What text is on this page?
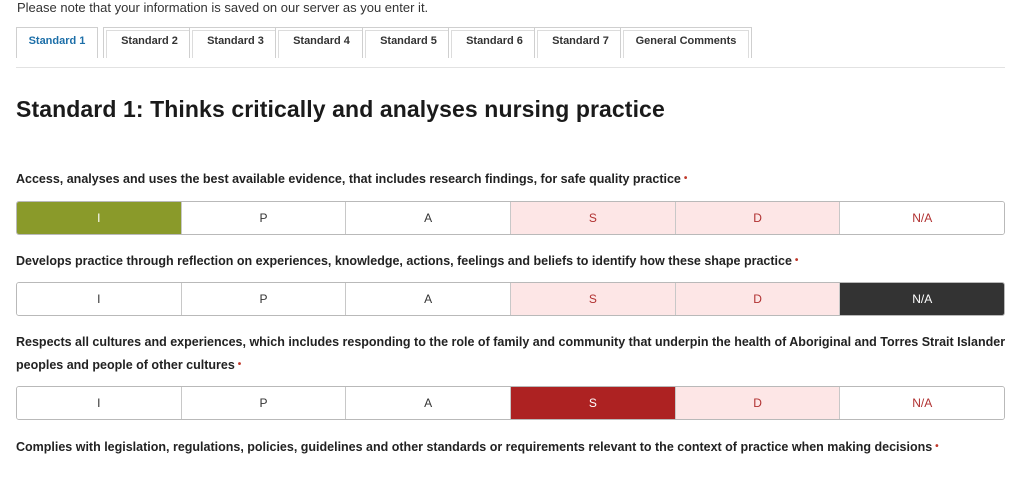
Please note that your information is saved on our server as you enter it.
Standard 1	Standard 2	Standard 3	Standard 4	Standard 5	Standard 6	Standard 7	General Comments
Standard 1: Thinks critically and analyses nursing practice
Access, analyses and uses the best available evidence, that includes research findings, for safe quality practice •
I	P	A	S	D	N/A
Develops practice through reflection on experiences, knowledge, actions, feelings and beliefs to identify how these shape practice •
I	P	A	S	D	N/A
Respects all cultures and experiences, which includes responding to the role of family and community that underpin the health of Aboriginal and Torres Strait Islander peoples and people of other cultures •
I	P	A	S	D	N/A
Complies with legislation, regulations, policies, guidelines and other standards or requirements relevant to the context of practice when making decisions •
